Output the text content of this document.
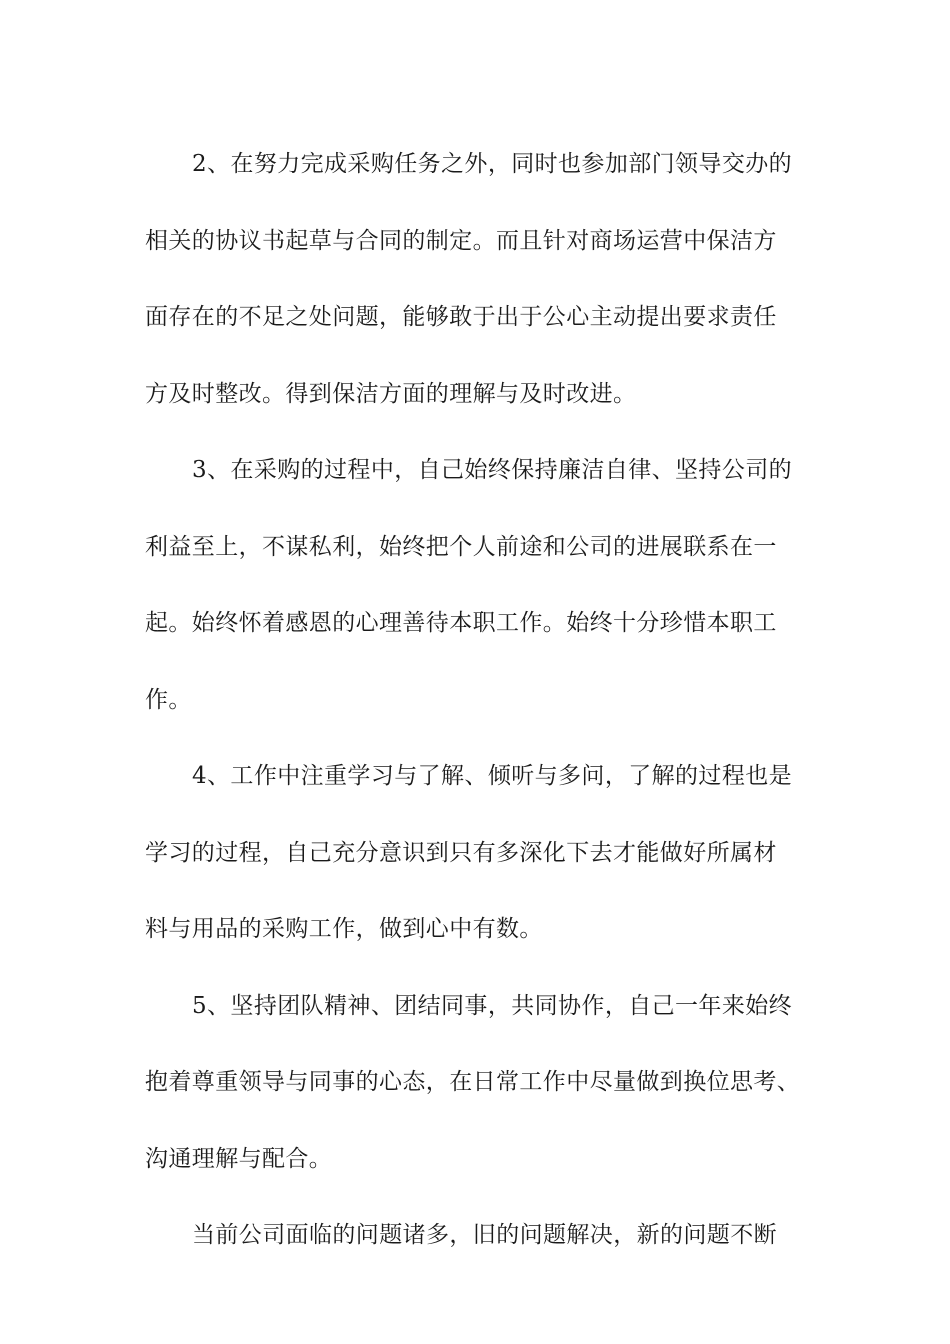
2、在努力完成采购任务之外，同时也参加部门领导交办的
相关的协议书起草与合同的制定。而且针对商场运营中保洁方
面存在的不足之处问题，能够敢于出于公心主动提出要求责任
方及时整改。得到保洁方面的理解与及时改进。
3、在采购的过程中，自己始终保持廉洁自律、坚持公司的
利益至上，不谋私利，始终把个人前途和公司的进展联系在一
起。始终怀着感恩的心理善待本职工作。始终十分珍惜本职工
作。
4、工作中注重学习与了解、倾听与多问，了解的过程也是
学习的过程，自己充分意识到只有多深化下去才能做好所属材
料与用品的采购工作，做到心中有数。
5、坚持团队精神、团结同事，共同协作，自己一年来始终
抱着尊重领导与同事的心态，在日常工作中尽量做到换位思考、
沟通理解与配合。
当前公司面临的问题诸多，旧的问题解决，新的问题不断
